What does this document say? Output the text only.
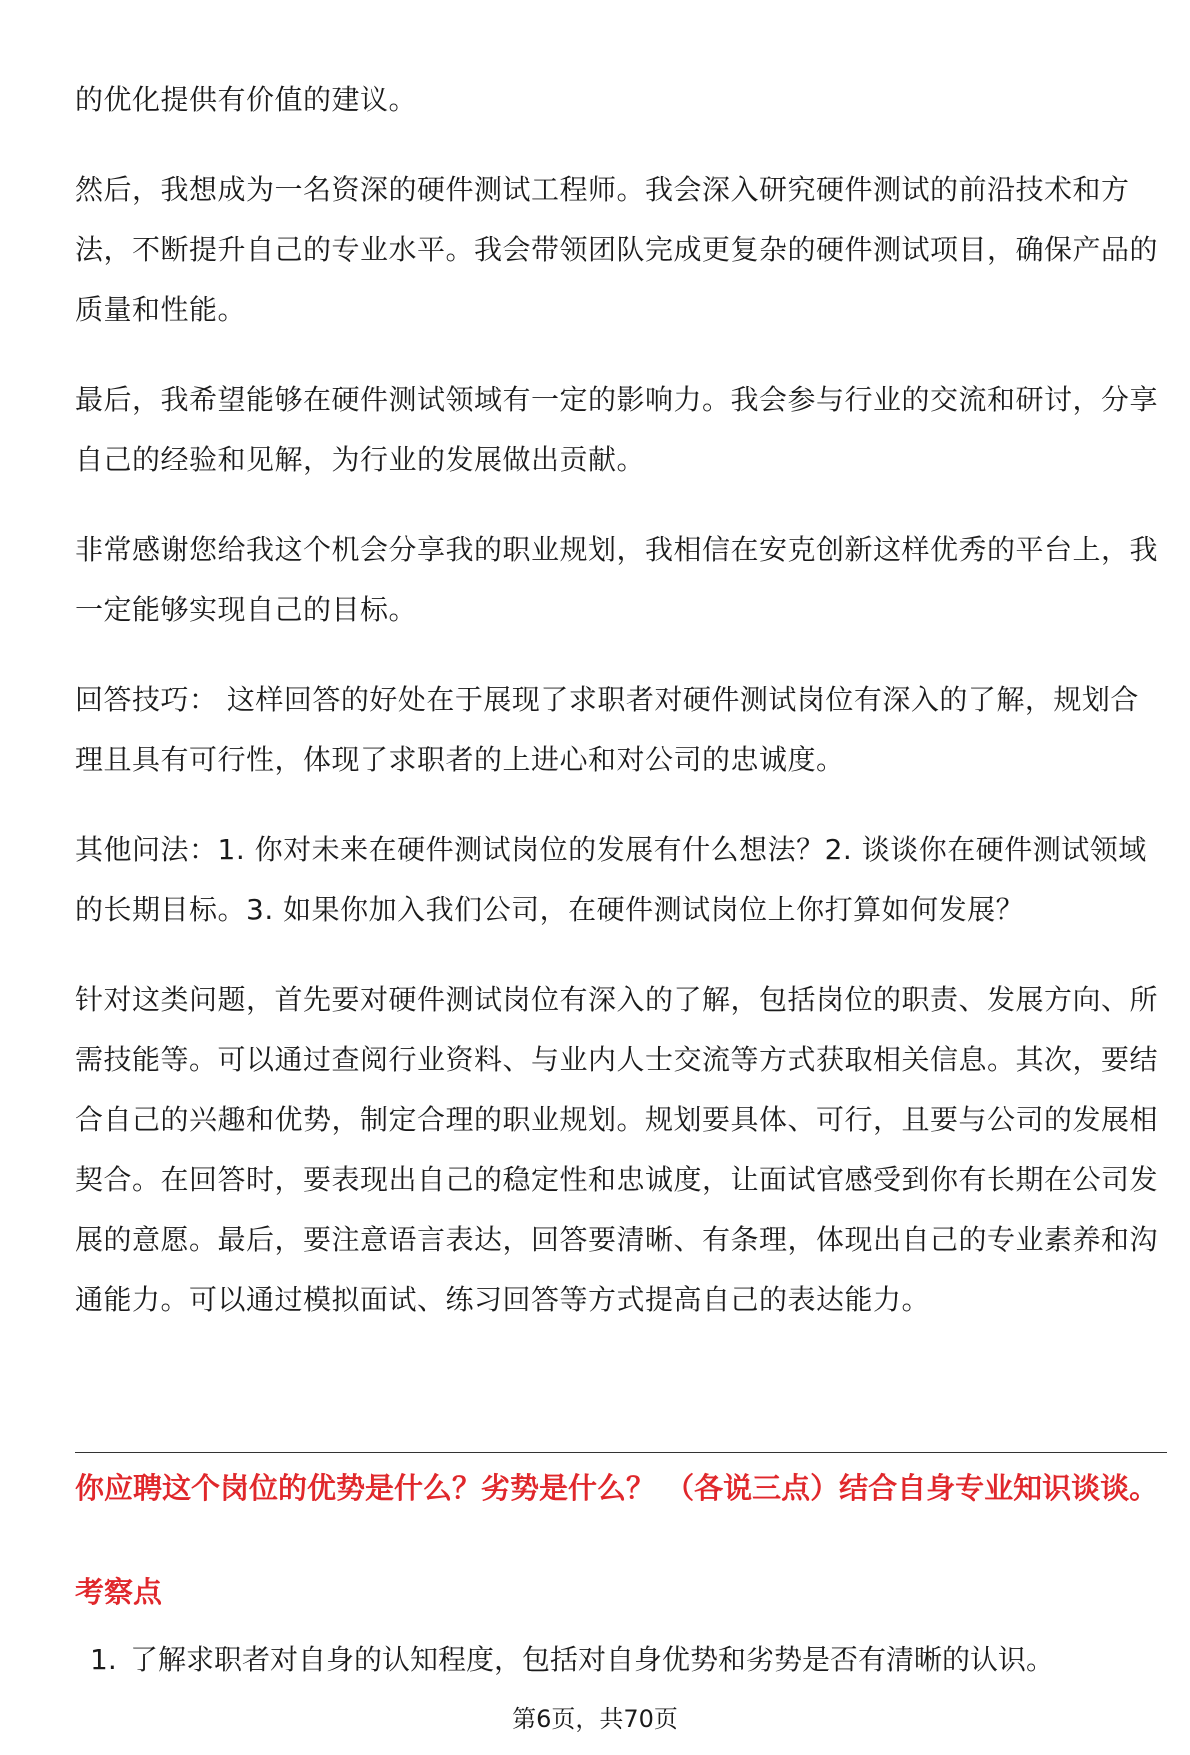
的优化提供有价值的建议。

然后，我想成为一名资深的硬件测试工程师。我会深入研究硬件测试的前沿技术和方法，不断提升自己的专业水平。我会带领团队完成更复杂的硬件测试项目，确保产品的质量和性能。

最后，我希望能够在硬件测试领域有一定的影响力。我会参与行业的交流和研讨，分享自己的经验和见解，为行业的发展做出贡献。

非常感谢您给我这个机会分享我的职业规划，我相信在安克创新这样优秀的平台上，我一定能够实现自己的目标。

回答技巧： 这样回答的好处在于展现了求职者对硬件测试岗位有深入的了解，规划合理且具有可行性，体现了求职者的上进心和对公司的忠诚度。

其他问法：1. 你对未来在硬件测试岗位的发展有什么想法？2. 谈谈你在硬件测试领域的长期目标。3. 如果你加入我们公司，在硬件测试岗位上你打算如何发展？

针对这类问题，首先要对硬件测试岗位有深入的了解，包括岗位的职责、发展方向、所需技能等。可以通过查阅行业资料、与业内人士交流等方式获取相关信息。其次，要结合自己的兴趣和优势，制定合理的职业规划。规划要具体、可行，且要与公司的发展相契合。在回答时，要表现出自己的稳定性和忠诚度，让面试官感受到你有长期在公司发展的意愿。最后，要注意语言表达，回答要清晰、有条理，体现出自己的专业素养和沟通能力。可以通过模拟面试、练习回答等方式提高自己的表达能力。

你应聘这个岗位的优势是什么？劣势是什么？ （各说三点）结合自身专业知识谈谈。
考察点

1. 了解求职者对自身的认知程度，包括对自身优势和劣势是否有清晰的认识。

第6页，共70页
